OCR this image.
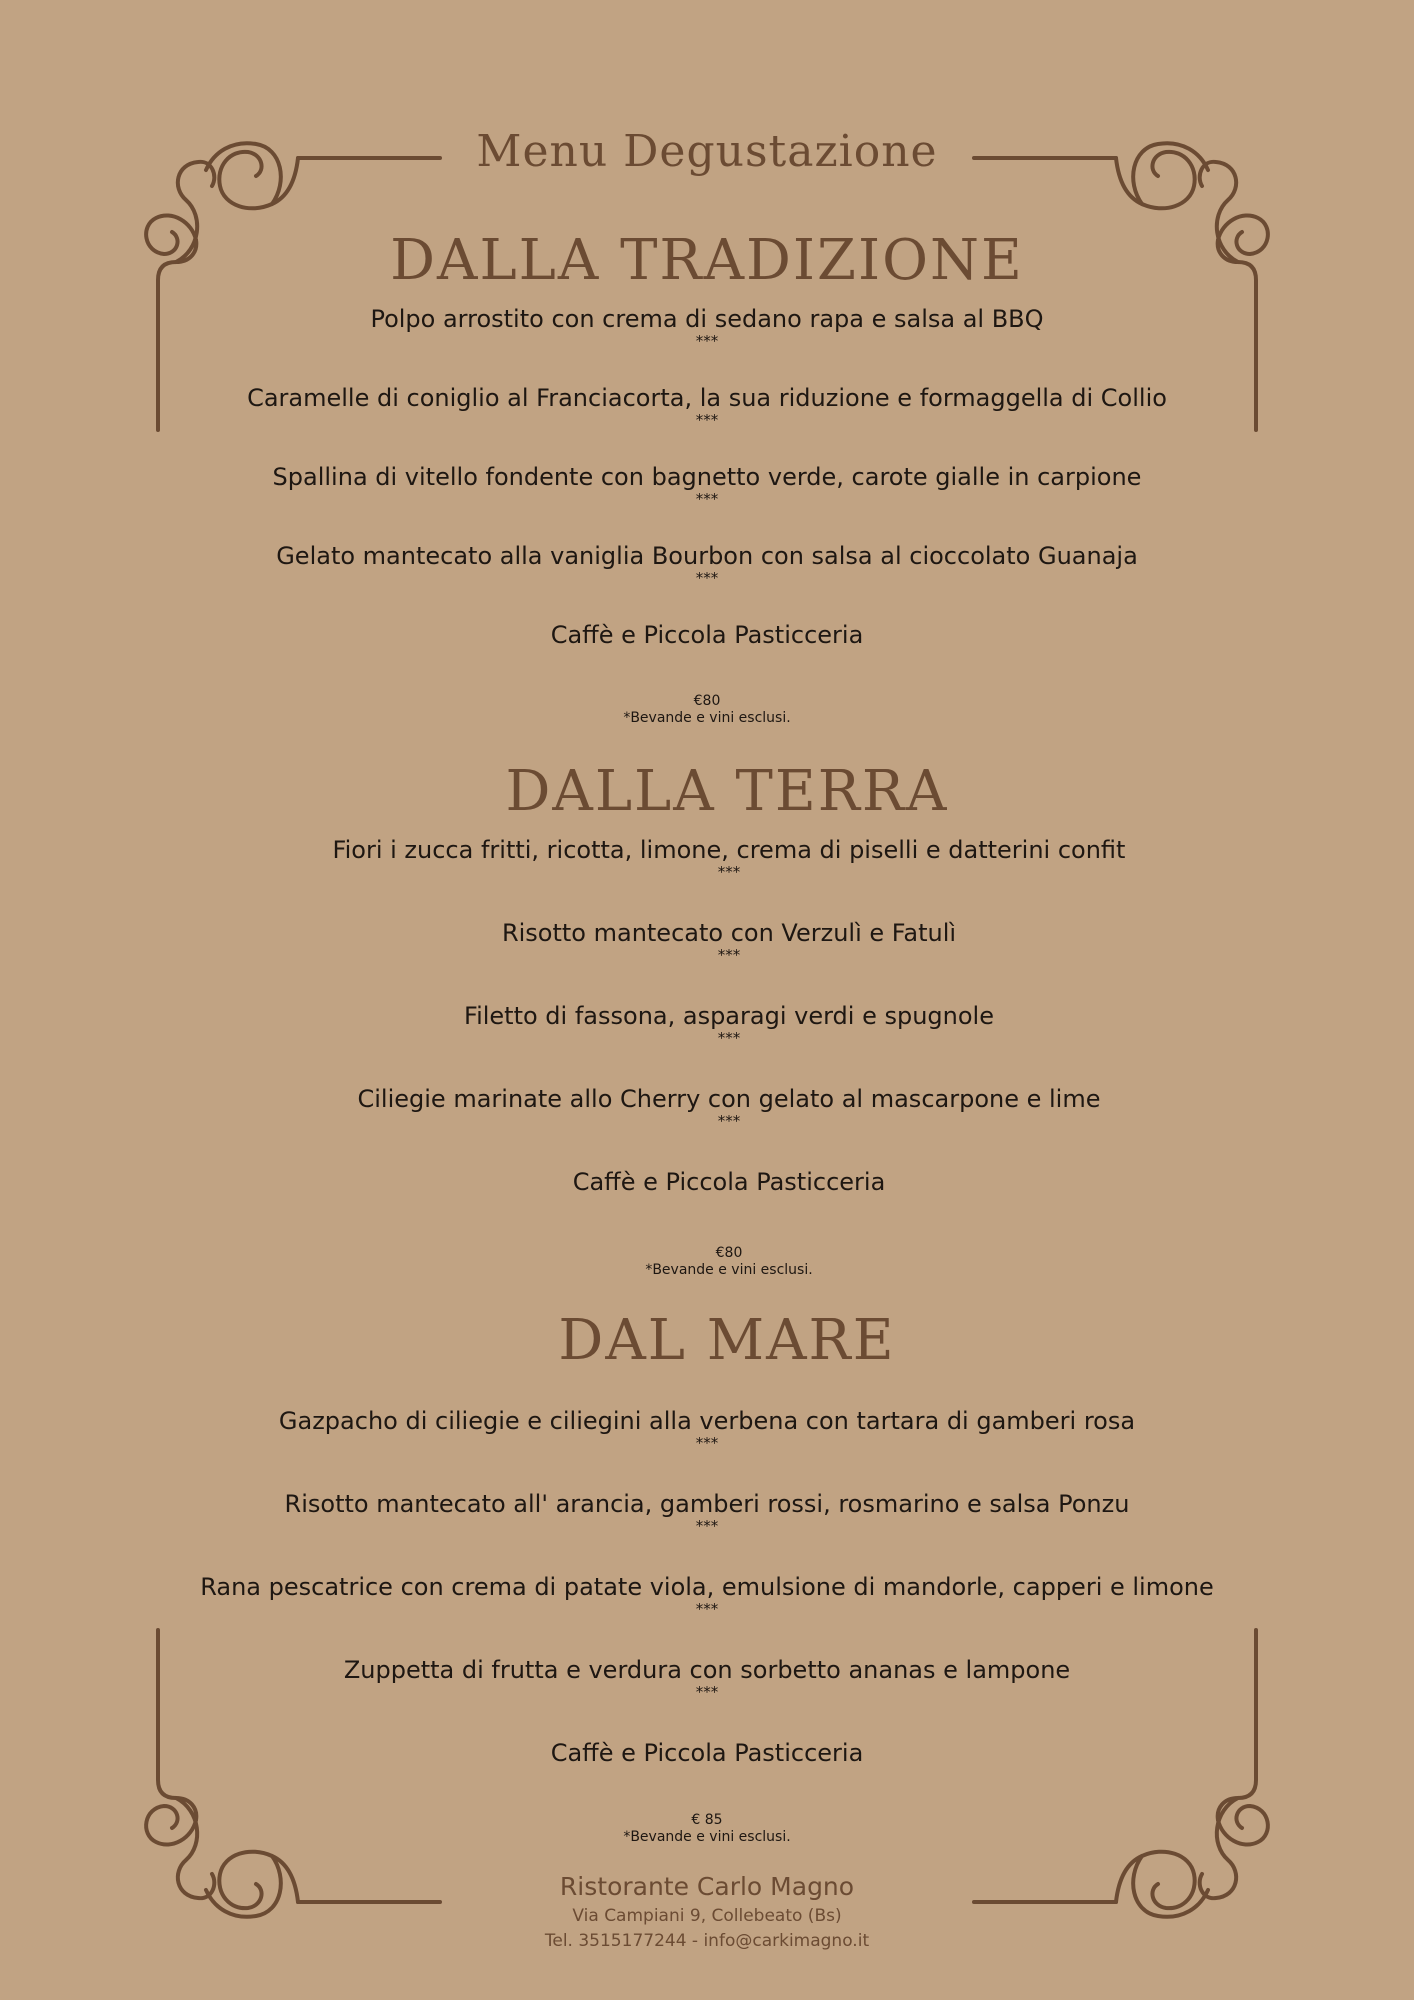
Menu Degustazione
DALLA TRADIZIONE
Polpo arrostito con crema di sedano rapa e salsa al BBQ
***
Caramelle di coniglio al Franciacorta, la sua riduzione e formaggella di Collio
***
Spallina di vitello fondente con bagnetto verde, carote gialle in carpione
***
Gelato mantecato alla vaniglia Bourbon con salsa al cioccolato Guanaja
***
Caffè e Piccola Pasticceria
€80
*Bevande e vini esclusi.
DALLA TERRA
Fiori i zucca fritti, ricotta, limone, crema di piselli e datterini confit
***
Risotto mantecato con Verzulì e Fatulì
***
Filetto di fassona, asparagi verdi e spugnole
***
Ciliegie marinate allo Cherry con gelato al mascarpone e lime
***
Caffè e Piccola Pasticceria
€80
*Bevande e vini esclusi.
DAL MARE
Gazpacho di ciliegie e ciliegini alla verbena con tartara di gamberi rosa
***
Risotto mantecato all' arancia, gamberi rossi, rosmarino e salsa Ponzu
***
Rana pescatrice con crema di patate viola, emulsione di mandorle, capperi e limone
***
Zuppetta di frutta e verdura con sorbetto ananas e lampone
***
Caffè e Piccola Pasticceria
€ 85
*Bevande e vini esclusi.
Ristorante Carlo Magno
Via Campiani 9, Collebeato (Bs)
Tel. 3515177244 - info@carkimagno.it
